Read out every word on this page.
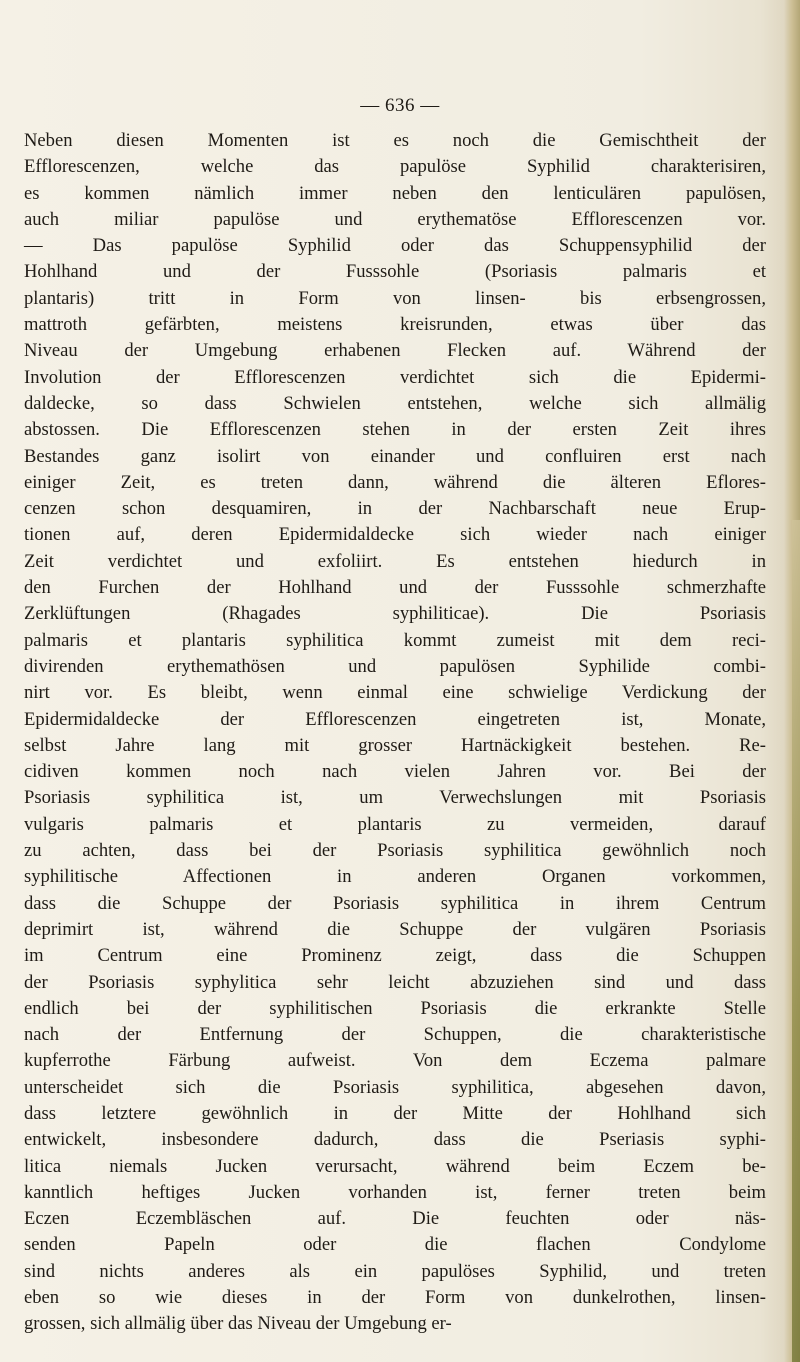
— 636 —
Neben diesen Momenten ist es noch die Gemischtheit der
Efflorescenzen, welche das papulöse Syphilid charakterisiren,
es kommen nämlich immer neben den lenticulären papulösen,
auch miliar papulöse und erythematöse Efflorescenzen vor.
— Das papulöse Syphilid oder das Schuppensyphilid der
Hohlhand und der Fusssohle (Psoriasis palmaris et
plantaris) tritt in Form von linsen- bis erbsengrossen,
mattroth gefärbten, meistens kreisrunden, etwas über das
Niveau der Umgebung erhabenen Flecken auf. Während der
Involution der Efflorescenzen verdichtet sich die Epidermi-
daldecke, so dass Schwielen entstehen, welche sich allmälig
abstossen. Die Efflorescenzen stehen in der ersten Zeit ihres
Bestandes ganz isolirt von einander und confluiren erst nach
einiger Zeit, es treten dann, während die älteren Eflores-
cenzen schon desquamiren, in der Nachbarschaft neue Erup-
tionen auf, deren Epidermidaldecke sich wieder nach einiger
Zeit verdichtet und exfoliirt. Es entstehen hiedurch in
den Furchen der Hohlhand und der Fusssohle schmerzhafte
Zerklüftungen (Rhagades syphiliticae). Die Psoriasis
palmaris et plantaris syphilitica kommt zumeist mit dem reci-
divirenden erythemathösen und papulösen Syphilide combi-
nirt vor. Es bleibt, wenn einmal eine schwielige Verdickung der
Epidermidaldecke der Efflorescenzen eingetreten ist, Monate,
selbst Jahre lang mit grosser Hartnäckigkeit bestehen. Re-
cidiven kommen noch nach vielen Jahren vor. Bei der
Psoriasis syphilitica ist, um Verwechslungen mit Psoriasis
vulgaris palmaris et plantaris zu vermeiden, darauf
zu achten, dass bei der Psoriasis syphilitica gewöhnlich noch
syphilitische Affectionen in anderen Organen vorkommen,
dass die Schuppe der Psoriasis syphilitica in ihrem Centrum
deprimirt ist, während die Schuppe der vulgären Psoriasis
im Centrum eine Prominenz zeigt, dass die Schuppen
der Psoriasis syphylitica sehr leicht abzuziehen sind und dass
endlich bei der syphilitischen Psoriasis die erkrankte Stelle
nach der Entfernung der Schuppen, die charakteristische
kupferrothe Färbung aufweist. Von dem Eczema palmare
unterscheidet sich die Psoriasis syphilitica, abgesehen davon,
dass letztere gewöhnlich in der Mitte der Hohlhand sich
entwickelt, insbesondere dadurch, dass die Pseriasis syphi-
litica niemals Jucken verursacht, während beim Eczem be-
kanntlich heftiges Jucken vorhanden ist, ferner treten beim
Eczen Eczembläschen auf. Die feuchten oder näs-
senden Papeln oder die flachen Condylome
sind nichts anderes als ein papulöses Syphilid, und treten
eben so wie dieses in der Form von dunkelrothen, linsen-
grossen, sich allmälig über das Niveau der Umgebung er-
